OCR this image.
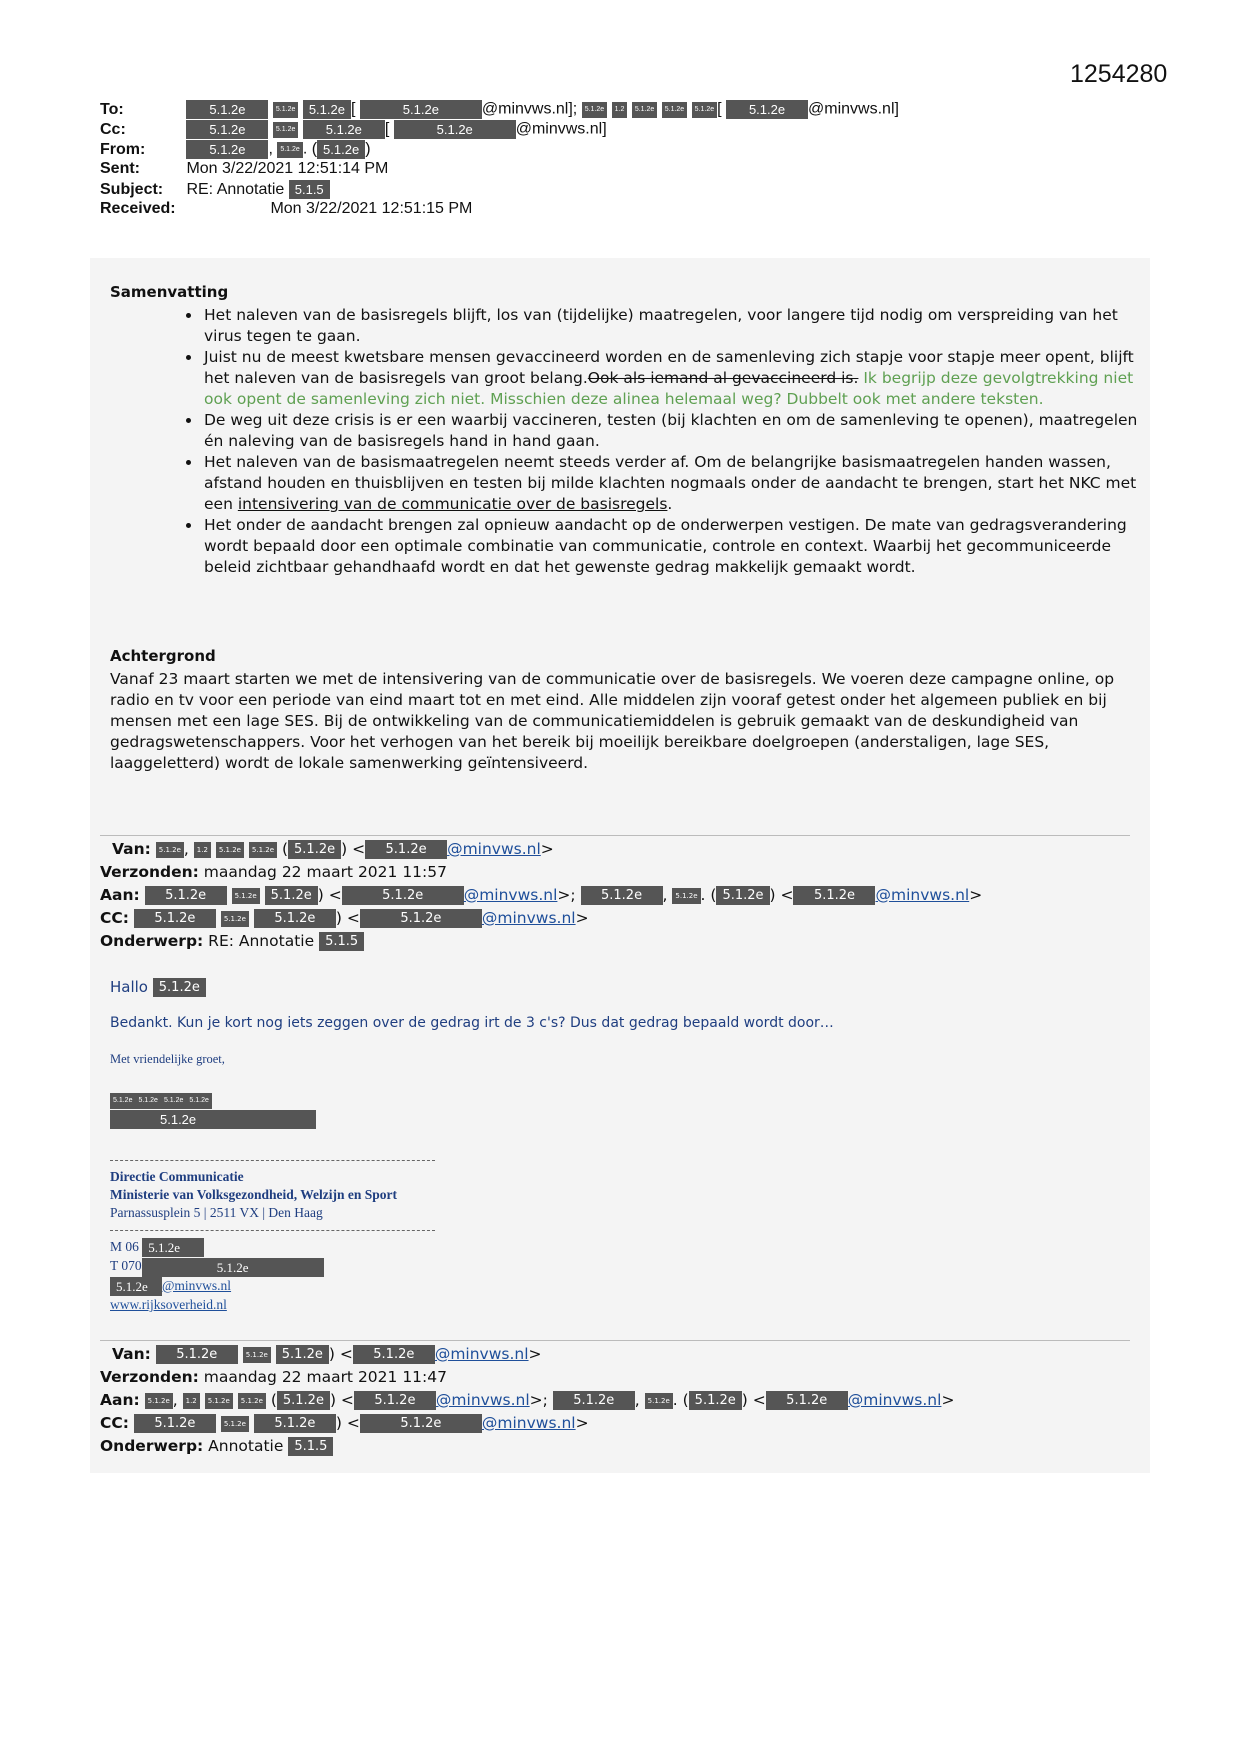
1254280
To:	5.1.2e	5.1.2e 5.1.2e [	5.1.2e	@minvws.nl]; 5.1.2e 1.2 5.1.2e 5.1.2e 5.1.2e [ 5.1.2e @minvws.nl]
Cc:	5.1.2e	5.1.2e 5.1.2e [	5.1.2e	@minvws.nl]
From:	5.1.2e , 5.1.2e . ( 5.1.2e )
Sent:	Mon 3/22/2021 12:51:14 PM
Subject: RE: Annotatie 5.1.5
Received:	Mon 3/22/2021 12:51:15 PM
Samenvatting
• Het naleven van de basisregels blijft, los van (tijdelijke) maatregelen, voor langere tijd nodig om verspreiding van het virus tegen te gaan.
• Juist nu de meest kwetsbare mensen gevaccineerd worden en de samenleving zich stapje voor stapje meer opent, blijft het naleven van de basisregels van groot belang.Ook als iemand al gevaccineerd is. Ik begrijp deze gevolgtrekking niet ook opent de samenleving zich niet. Misschien deze alinea helemaal weg? Dubbelt ook met andere teksten.
• De weg uit deze crisis is er een waarbij vaccineren, testen (bij klachten en om de samenleving te openen), maatregelen én naleving van de basisregels hand in hand gaan.
• Het naleven van de basismaatregelen neemt steeds verder af. Om de belangrijke basismaatregelen handen wassen, afstand houden en thuisblijven en testen bij milde klachten nogmaals onder de aandacht te brengen, start het NKC met een intensivering van de communicatie over de basisregels.
• Het onder de aandacht brengen zal opnieuw aandacht op de onderwerpen vestigen. De mate van gedragsverandering wordt bepaald door een optimale combinatie van communicatie, controle en context. Waarbij het gecommuniceerde beleid zichtbaar gehandhaafd wordt en dat het gewenste gedrag makkelijk gemaakt wordt.
Achtergrond
Vanaf 23 maart starten we met de intensivering van de communicatie over de basisregels. We voeren deze campagne online, op radio en tv voor een periode van eind maart tot en met eind. Alle middelen zijn vooraf getest onder het algemeen publiek en bij mensen met een lage SES. Bij de ontwikkeling van de communicatiemiddelen is gebruik gemaakt van de deskundigheid van gedragswetenschappers. Voor het verhogen van het bereik bij moeilijk bereikbare doelgroepen (anderstaligen, lage SES, laaggeletterd) wordt de lokale samenwerking geïntensiveerd.
Van: 5.1.2e , 1.2 5.1.2e 5.1.2e ( 5.1.2e ) < 5.1.2e @minvws.nl>
Verzonden: maandag 22 maart 2021 11:57
Aan: 5.1.2e	5.1.2e 5.1.2e ) <	5.1.2e	@minvws.nl>; 5.1.2e , 5.1.2e . ( 5.1.2e ) < 5.1.2e @minvws.nl>
CC: 5.1.2e	5.1.2e 5.1.2e ) <	5.1.2e	@minvws.nl>
Onderwerp: RE: Annotatie 5.1.5
Hallo 5.1.2e
Bedankt. Kun je kort nog iets zeggen over de gedrag irt de 3 c's? Dus dat gedrag bepaald wordt door…
Met vriendelijke groet,
5.1.2e 5.1.2e 5.1.2e 5.1.2e
5.1.2e
Directie Communicatie
Ministerie van Volksgezondheid, Welzijn en Sport
Parnassusplein 5 | 2511 VX | Den Haag
M 06 5.1.2e
T 070	5.1.2e
5.1.2e @minvws.nl
www.rijksoverheid.nl
Van: 5.1.2e	5.1.2e 5.1.2e ) < 5.1.2e @minvws.nl>
Verzonden: maandag 22 maart 2021 11:47
Aan: 5.1.2e , 1.2 5.1.2e 5.1.2e ( 5.1.2e ) < 5.1.2e @minvws.nl>; 5.1.2e , 5.1.2e . ( 5.1.2e ) < 5.1.2e @minvws.nl>
CC: 5.1.2e	5.1.2e 5.1.2e ) <	5.1.2e	@minvws.nl>
Onderwerp: Annotatie 5.1.5
